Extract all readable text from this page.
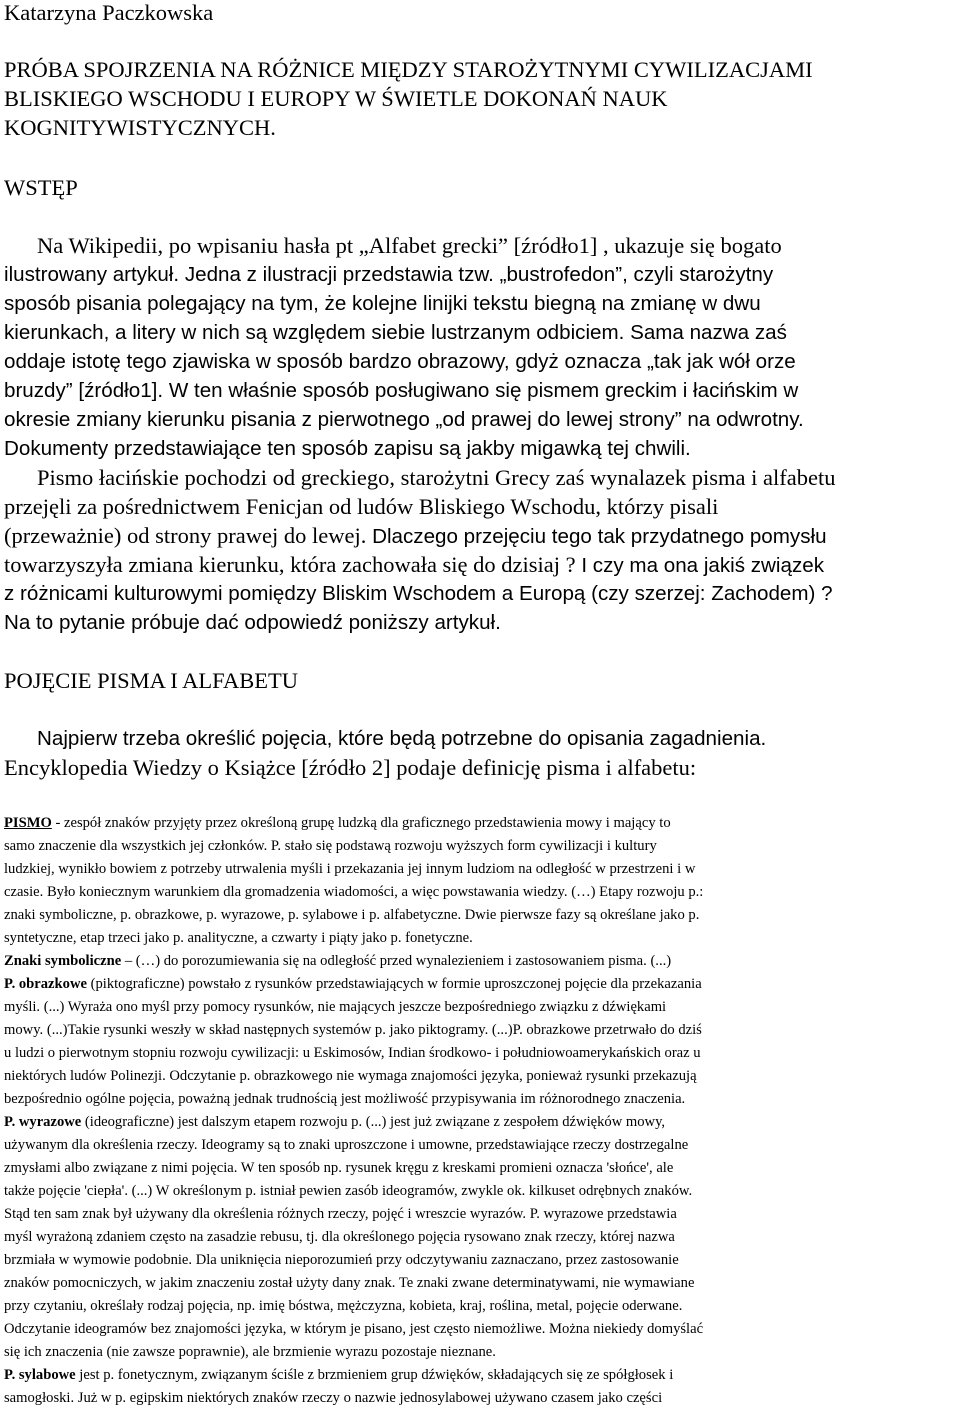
Katarzyna Paczkowska
PRÓBA SPOJRZENIA NA RÓŻNICE MIĘDZY STAROŻYTNYMI CYWILIZACJAMI
BLISKIEGO WSCHODU I EUROPY W ŚWIETLE DOKONAŃ NAUK
KOGNITYWISTYCZNYCH.
WSTĘP
Na Wikipedii, po wpisaniu hasła pt „Alfabet grecki” [źródło1] , ukazuje się bogato
ilustrowany artykuł. Jedna z ilustracji przedstawia tzw. „bustrofedon”, czyli starożytny
sposób pisania polegający na tym, że kolejne linijki tekstu biegną na zmianę w dwu
kierunkach, a litery w nich są względem siebie lustrzanym odbiciem. Sama nazwa zaś
oddaje istotę tego zjawiska w sposób bardzo obrazowy, gdyż oznacza „tak jak wół orze
bruzdy” [źródło1]. W ten właśnie sposób posługiwano się pismem greckim i łacińskim w
okresie zmiany kierunku pisania z pierwotnego „od prawej do lewej strony” na odwrotny.
Dokumenty przedstawiające ten sposób zapisu są jakby migawką tej chwili.
Pismo łacińskie pochodzi od greckiego, starożytni Grecy zaś wynalazek pisma i alfabetu
przejęli za pośrednictwem Fenicjan od ludów Bliskiego Wschodu, którzy pisali
(przeważnie) od strony prawej do lewej. Dlaczego przejęciu tego tak przydatnego pomysłu
towarzyszyła zmiana kierunku, która zachowała się do dzisiaj ? I czy ma ona jakiś związek
z różnicami kulturowymi pomiędzy Bliskim Wschodem a Europą (czy szerzej: Zachodem) ?
Na to pytanie próbuje dać odpowiedź poniższy artykuł.
POJĘCIE PISMA I ALFABETU
Najpierw trzeba określić pojęcia, które będą potrzebne do opisania zagadnienia.
Encyklopedia Wiedzy o Książce [źródło 2] podaje definicję pisma i alfabetu:
PISMO - zespół znaków przyjęty przez określoną grupę ludzką dla graficznego przedstawienia mowy i mający to
samo znaczenie dla wszystkich jej członków. P. stało się podstawą rozwoju wyższych form cywilizacji i kultury
ludzkiej, wynikło bowiem z potrzeby utrwalenia myśli i przekazania jej innym ludziom na odległość w przestrzeni i w
czasie. Było koniecznym warunkiem dla gromadzenia wiadomości, a więc powstawania wiedzy. (…) Etapy rozwoju p.:
znaki symboliczne, p. obrazkowe, p. wyrazowe, p. sylabowe i p. alfabetyczne. Dwie pierwsze fazy są określane jako p.
syntetyczne, etap trzeci jako p. analityczne, a czwarty i piąty jako p. fonetyczne.
Znaki symboliczne – (…) do porozumiewania się na odległość przed wynalezieniem i zastosowaniem pisma. (...)
P. obrazkowe (piktograficzne) powstało z rysunków przedstawiających w formie uproszczonej pojęcie dla przekazania
myśli. (...) Wyraża ono myśl przy pomocy rysunków, nie mających jeszcze bezpośredniego związku z dźwiękami
mowy. (...)Takie rysunki weszły w skład następnych systemów p. jako piktogramy. (...)P. obrazkowe przetrwało do dziś
u ludzi o pierwotnym stopniu rozwoju cywilizacji: u Eskimosów, Indian środkowo- i południowoamerykańskich oraz u
niektórych ludów Polinezji. Odczytanie p. obrazkowego nie wymaga znajomości języka, ponieważ rysunki przekazują
bezpośrednio ogólne pojęcia, poważną jednak trudnością jest możliwość przypisywania im różnorodnego znaczenia.
P. wyrazowe (ideograficzne) jest dalszym etapem rozwoju p. (...) jest już związane z zespołem dźwięków mowy,
używanym dla określenia rzeczy. Ideogramy są to znaki uproszczone i umowne, przedstawiające rzeczy dostrzegalne
zmysłami albo związane z nimi pojęcia. W ten sposób np. rysunek kręgu z kreskami promieni oznacza 'słońce', ale
także pojęcie 'ciepła'. (...) W określonym p. istniał pewien zasób ideogramów, zwykle ok. kilkuset odrębnych znaków.
Stąd ten sam znak był używany dla określenia różnych rzeczy, pojęć i wreszcie wyrazów. P. wyrazowe przedstawia
myśl wyrażoną zdaniem często na zasadzie rebusu, tj. dla określonego pojęcia rysowano znak rzeczy, której nazwa
brzmiała w wymowie podobnie. Dla uniknięcia nieporozumień przy odczytywaniu zaznaczano, przez zastosowanie
znaków pomocniczych, w jakim znaczeniu został użyty dany znak. Te znaki zwane determinatywami, nie wymawiane
przy czytaniu, określały rodzaj pojęcia, np. imię bóstwa, mężczyzna, kobieta, kraj, roślina, metal, pojęcie oderwane.
Odczytanie ideogramów bez znajomości języka, w którym je pisano, jest często niemożliwe. Można niekiedy domyślać
się ich znaczenia (nie zawsze poprawnie), ale brzmienie wyrazu pozostaje nieznane.
P. sylabowe jest p. fonetycznym, związanym ściśle z brzmieniem grup dźwięków, składających się ze spółgłosek i
samogłoski. Już w p. egipskim niektórych znaków rzeczy o nazwie jednosylabowej używano czasem jako części
